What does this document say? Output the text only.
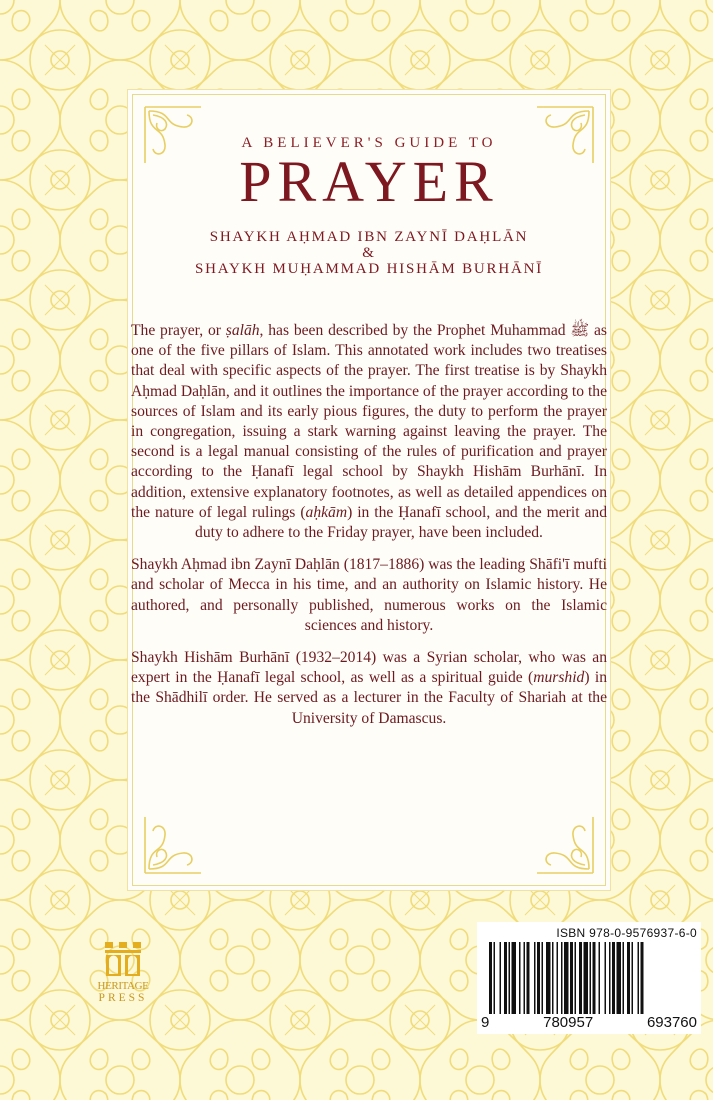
A BELIEVER'S GUIDE TO
PRAYER
SHAYKH AḤMAD IBN ZAYNĪ DAḤLĀN
&
SHAYKH MUḤAMMAD HISHĀM BURHĀNĪ

The prayer, or ṣalāh, has been described by the Prophet Muhammad ﷺ as one of the five pillars of Islam. This annotated work includes two treatises that deal with specific aspects of the prayer. The first treatise is by Shaykh Aḥmad Daḥlān, and it outlines the importance of the prayer according to the sources of Islam and its early pious figures, the duty to perform the prayer in congregation, issuing a stark warning against leaving the prayer. The second is a legal manual consisting of the rules of purification and prayer according to the Ḥanafī legal school by Shaykh Hishām Burhānī. In addition, extensive explanatory footnotes, as well as detailed appendices on the nature of legal rulings (aḥkām) in the Ḥanafī school, and the merit and duty to adhere to the Friday prayer, have been included.

Shaykh Aḥmad ibn Zaynī Daḥlān (1817–1886) was the leading Shāfi'ī mufti and scholar of Mecca in his time, and an authority on Islamic history. He authored, and personally published, numerous works on the Islamic sciences and history.

Shaykh Hishām Burhānī (1932–2014) was a Syrian scholar, who was an expert in the Ḥanafī legal school, as well as a spiritual guide (murshid) in the Shādhilī order. He served as a lecturer in the Faculty of Shariah at the University of Damascus.

HERITAGE
PRESS
ISBN 978-0-9576937-6-0
9	780957	693760
